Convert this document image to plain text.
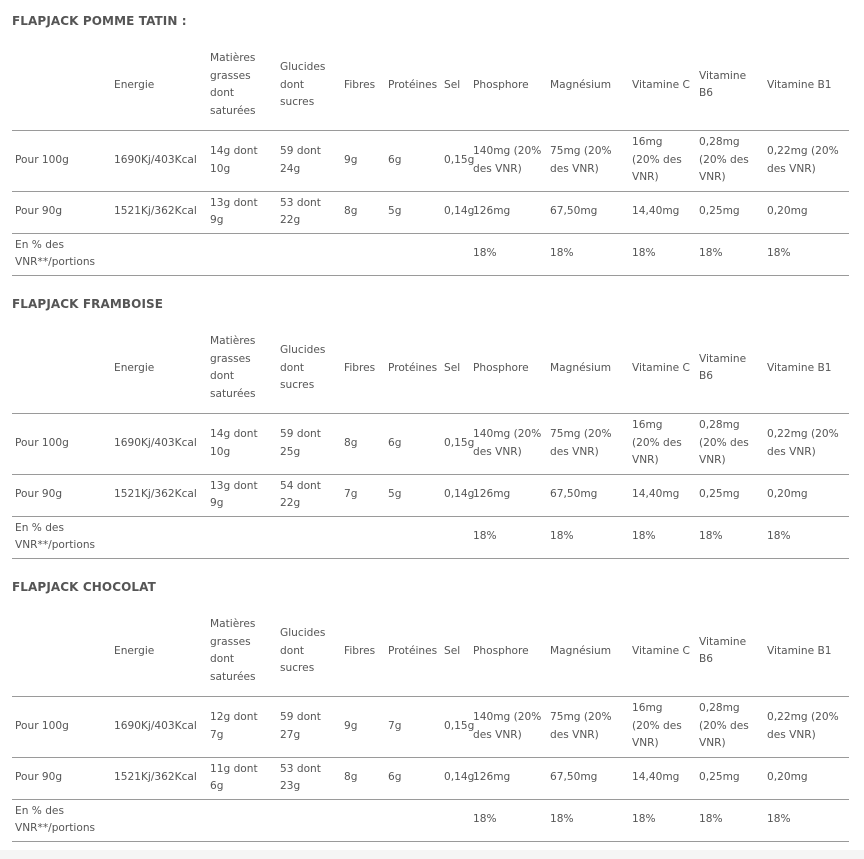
FLAPJACK POMME TATIN :
	Energie	Matières grasses dont saturées	Glucides dont sucres	Fibres	Protéines	Sel	Phosphore	Magnésium	Vitamine C	Vitamine B6	Vitamine B1
Pour 100g	1690Kj/403Kcal	14g dont 10g	59 dont 24g	9g	6g	0,15g	140mg (20% des VNR)	75mg (20% des VNR)	16mg (20% des VNR)	0,28mg (20% des VNR)	0,22mg (20% des VNR)
Pour 90g	1521Kj/362Kcal	13g dont 9g	53 dont 22g	8g	5g	0,14g	126mg	67,50mg	14,40mg	0,25mg	0,20mg
En % des VNR**/portions							18%	18%	18%	18%	18%
FLAPJACK FRAMBOISE
	Energie	Matières grasses dont saturées	Glucides dont sucres	Fibres	Protéines	Sel	Phosphore	Magnésium	Vitamine C	Vitamine B6	Vitamine B1
Pour 100g	1690Kj/403Kcal	14g dont 10g	59 dont 25g	8g	6g	0,15g	140mg (20% des VNR)	75mg (20% des VNR)	16mg (20% des VNR)	0,28mg (20% des VNR)	0,22mg (20% des VNR)
Pour 90g	1521Kj/362Kcal	13g dont 9g	54 dont 22g	7g	5g	0,14g	126mg	67,50mg	14,40mg	0,25mg	0,20mg
En % des VNR**/portions							18%	18%	18%	18%	18%
FLAPJACK CHOCOLAT
	Energie	Matières grasses dont saturées	Glucides dont sucres	Fibres	Protéines	Sel	Phosphore	Magnésium	Vitamine C	Vitamine B6	Vitamine B1
Pour 100g	1690Kj/403Kcal	12g dont 7g	59 dont 27g	9g	7g	0,15g	140mg (20% des VNR)	75mg (20% des VNR)	16mg (20% des VNR)	0,28mg (20% des VNR)	0,22mg (20% des VNR)
Pour 90g	1521Kj/362Kcal	11g dont 6g	53 dont 23g	8g	6g	0,14g	126mg	67,50mg	14,40mg	0,25mg	0,20mg
En % des VNR**/portions							18%	18%	18%	18%	18%
